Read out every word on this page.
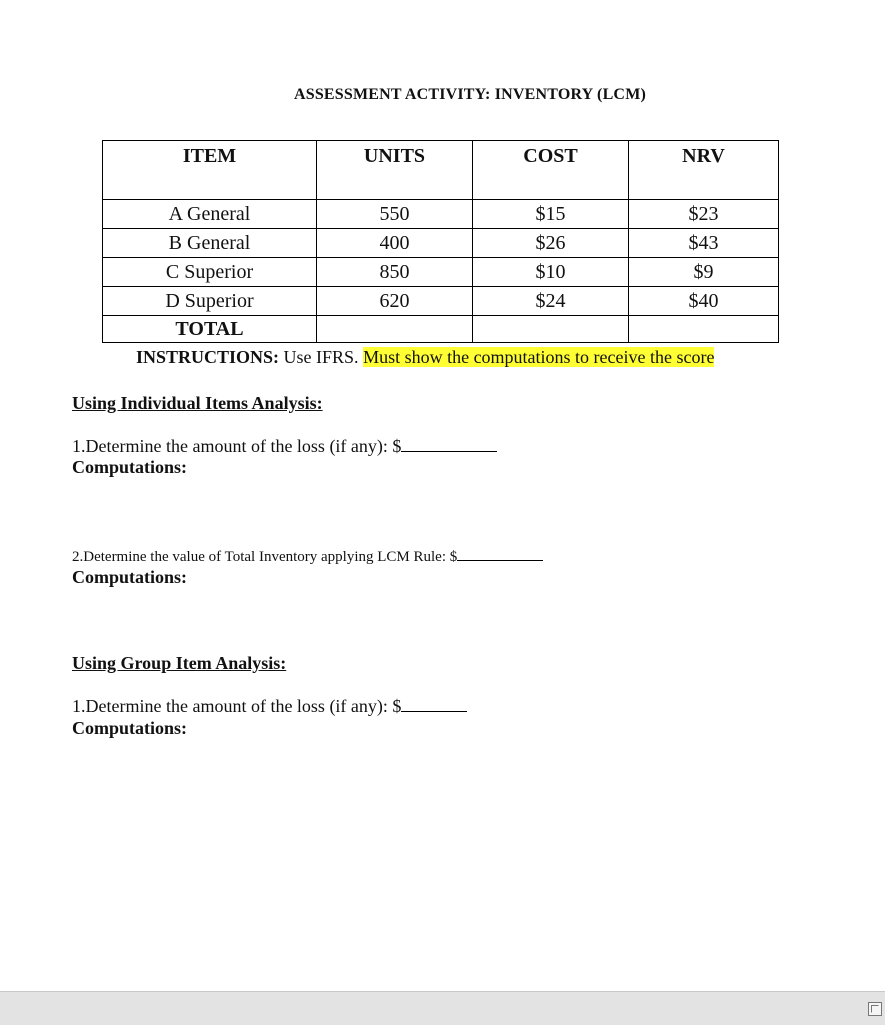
ASSESSMENT ACTIVITY: INVENTORY (LCM)
ITEM	UNITS	COST	NRV
A General	550	$15	$23
B General	400	$26	$43
C Superior	850	$10	$9
D Superior	620	$24	$40
TOTAL			
INSTRUCTIONS: Use IFRS. Must show the computations to receive the score
Using Individual Items Analysis:
1.Determine the amount of the loss (if any): $
Computations:
2.Determine the value of Total Inventory applying LCM Rule: $
Computations:
Using Group Item Analysis:
1.Determine the amount of the loss (if any): $
Computations:
